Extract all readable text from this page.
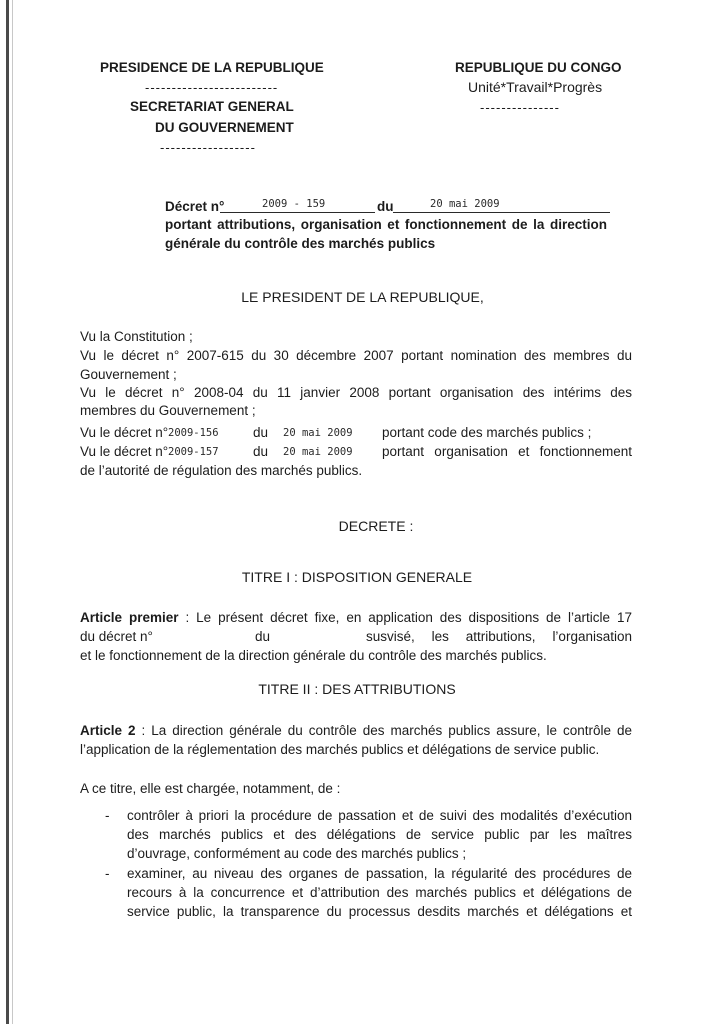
PRESIDENCE DE LA REPUBLIQUE
-------------------------
SECRETARIAT GENERAL
DU GOUVERNEMENT
------------------
REPUBLIQUE DU CONGO
Unité*Travail*Progrès
---------------
Décret n°	2009 - 159	du	20 mai 2009
portant attributions, organisation et fonctionnement de la direction
générale du contrôle des marchés publics
LE PRESIDENT DE LA REPUBLIQUE,
Vu la Constitution ;
Vu le décret n° 2007-615 du 30 décembre 2007 portant nomination des membres du
Gouvernement ;
Vu le décret n° 2008-04 du 11 janvier 2008 portant organisation des intérims des
membres du Gouvernement ;
Vu le décret n° 2009-156	du 20 mai 2009 portant code des marchés publics ;
Vu le décret n° 2009-157	du 20 mai 2009 portant organisation et fonctionnement
de l’autorité de régulation des marchés publics.
DECRETE :
TITRE I : DISPOSITION GENERALE
Article premier : Le présent décret fixe, en application des dispositions de l’article 17
du décret n°	du	susvisé, les attributions, l’organisation
et le fonctionnement de la direction générale du contrôle des marchés publics.
TITRE II : DES ATTRIBUTIONS
Article 2 : La direction générale du contrôle des marchés publics assure, le contrôle de
l’application de la réglementation des marchés publics et délégations de service public.
A ce titre, elle est chargée, notamment, de :
- contrôler à priori la procédure de passation et de suivi des modalités d’exécution
des marchés publics et des délégations de service public par les maîtres
d’ouvrage, conformément au code des marchés publics ;
- examiner, au niveau des organes de passation, la régularité des procédures de
recours à la concurrence et d’attribution des marchés publics et délégations de
service public, la transparence du processus desdits marchés et délégations et
